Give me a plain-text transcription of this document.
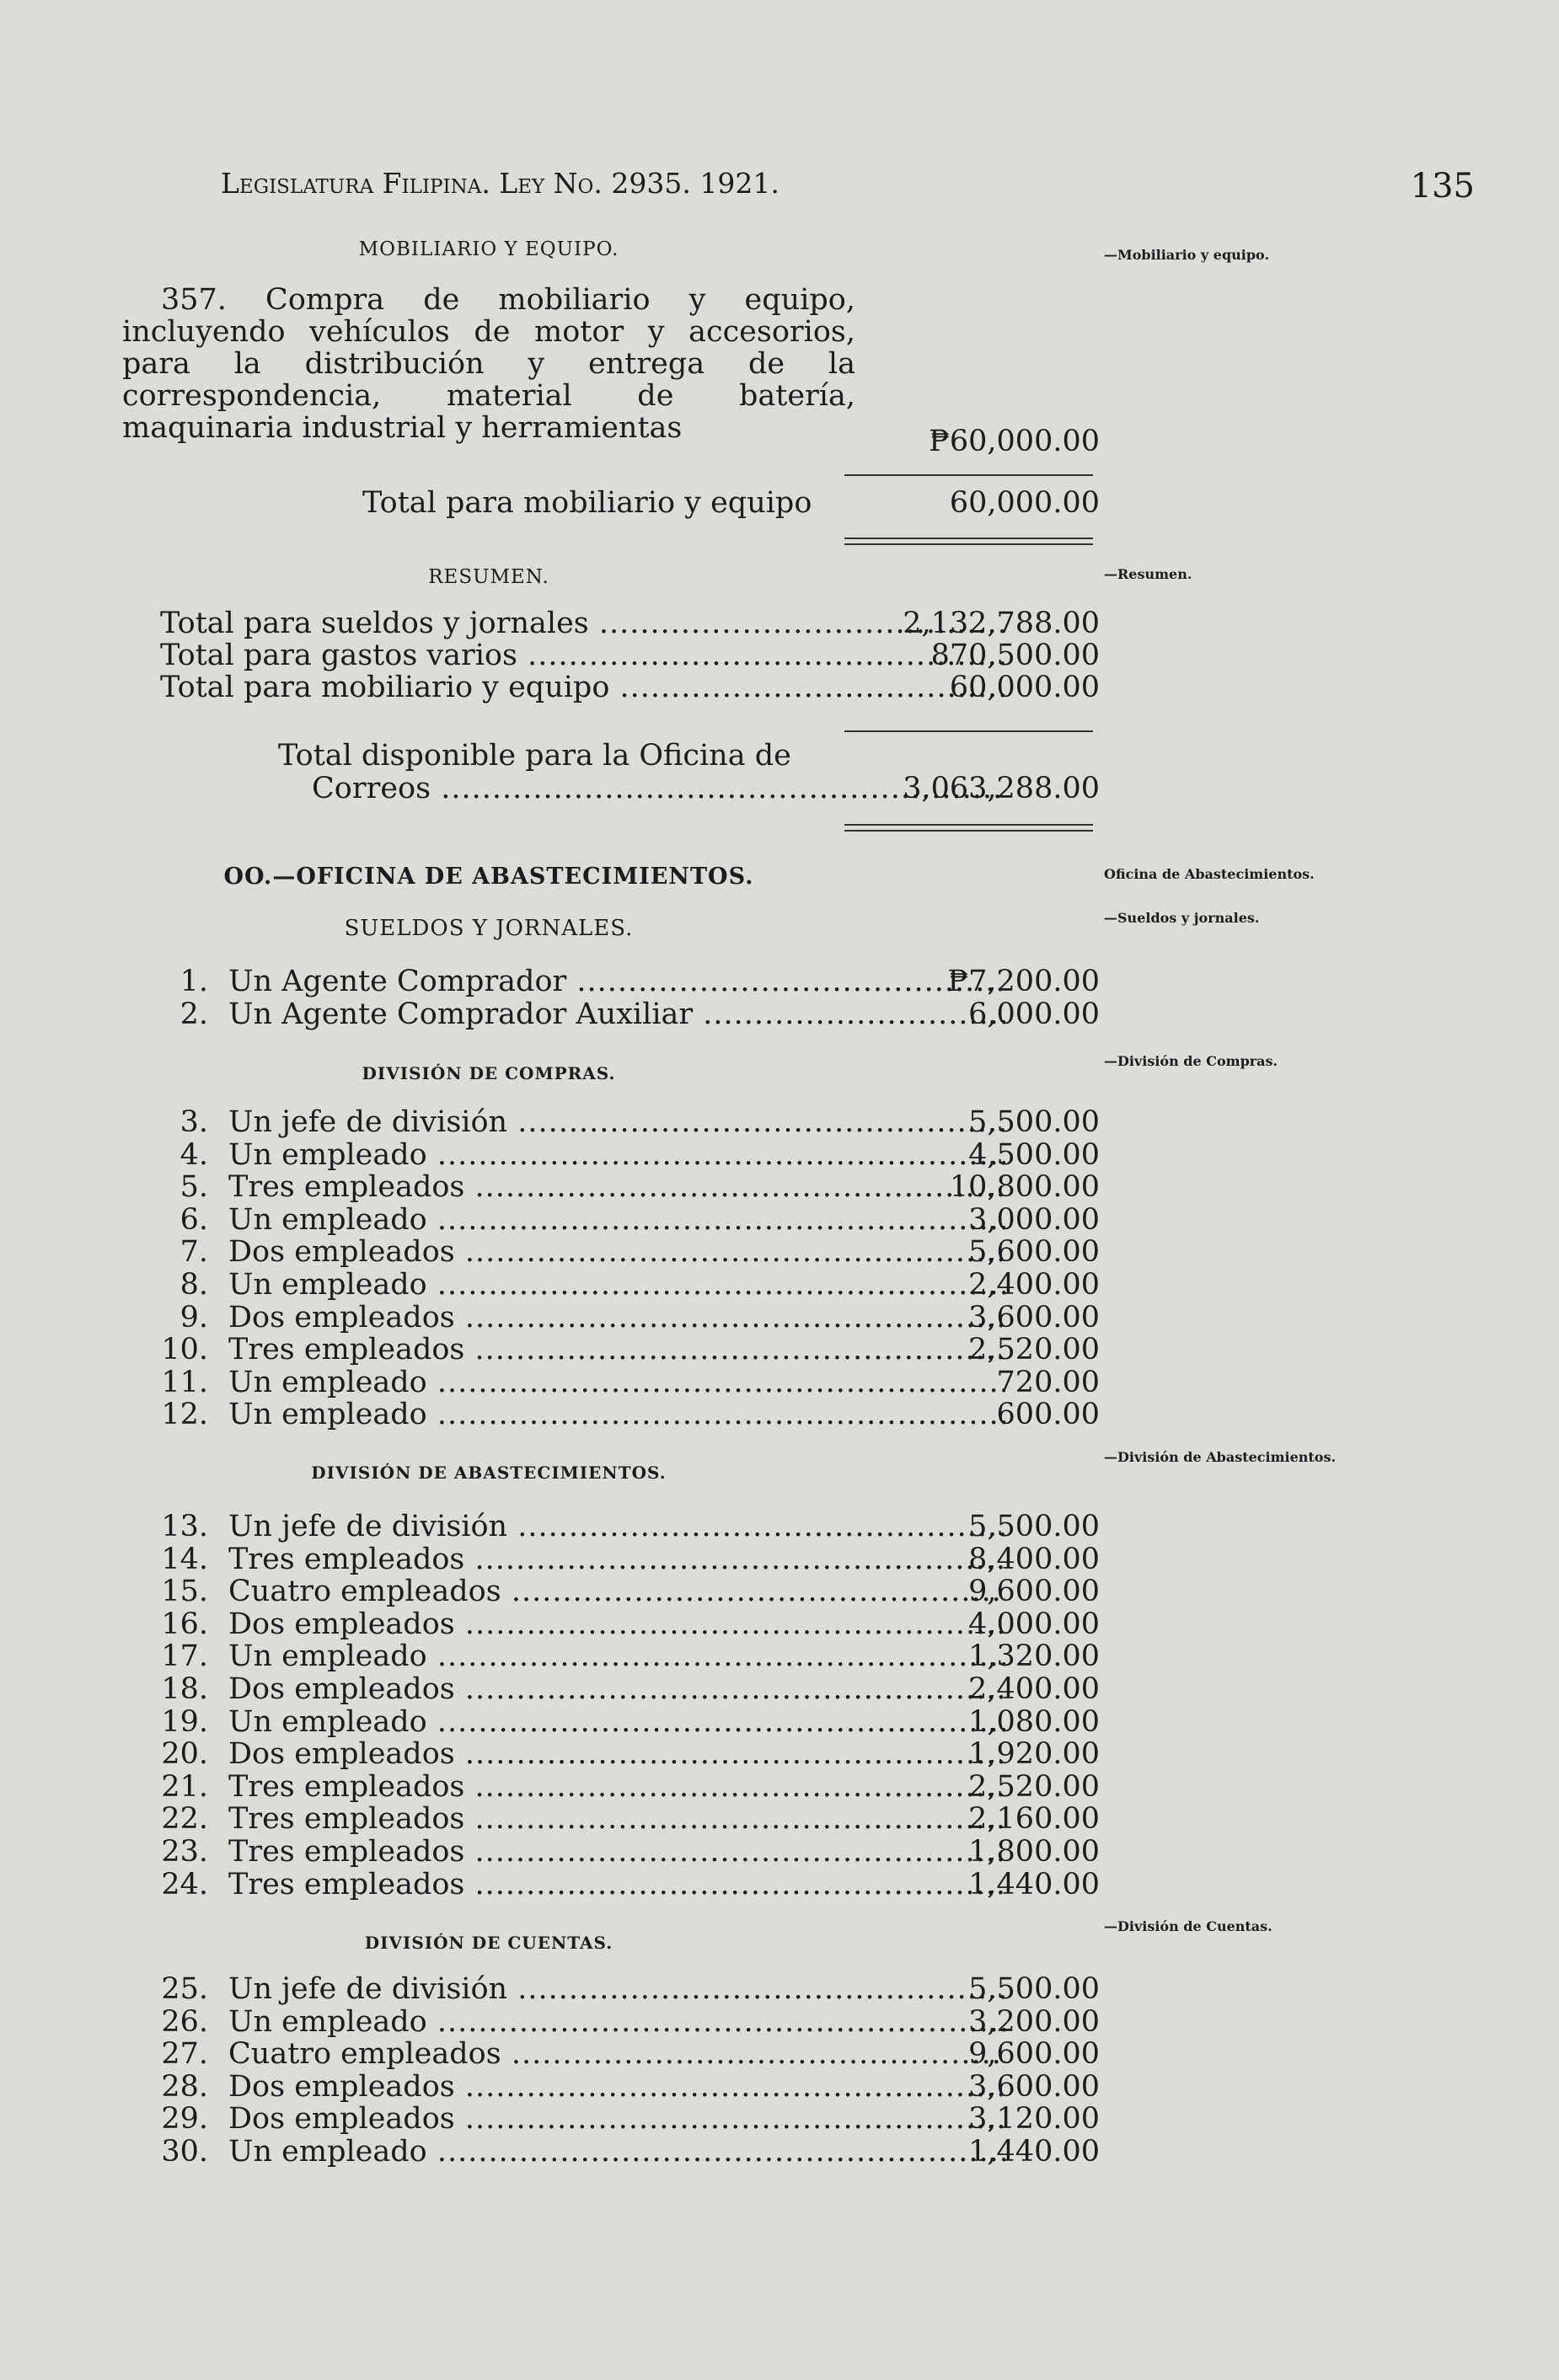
Legislatura Filipina. Ley No. 2935. 1921.	135
MOBILIARIO Y EQUIPO.	—Mobiliario y equipo.

357. Compra de mobiliario y equipo, incluyendo vehículos de motor y accesorios, para la distribución y entrega de la correspondencia, material de batería, maquinaria industrial y herramientas	₱60,000.00
Total para mobiliario y equipo	60,000.00
RESUMEN.	—Resumen.
Total para sueldos y jornales .....	2,132,788.00
Total para gastos varios .....	870,500.00
Total para mobiliario y equipo .....	60,000.00
Total disponible para la Oficina de
Correos .....	3,063,288.00
OO.—OFICINA DE ABASTECIMIENTOS.	Oficina de Abastecimientos.
SUELDOS Y JORNALES.	—Sueldos y jornales.
1. Un Agente Comprador .....	₱7,200.00
2. Un Agente Comprador Auxiliar .....	6,000.00
DIVISIÓN DE COMPRAS.
—División de Compras.
3. Un jefe de división .....	5,500.00
4. Un empleado .....	4,500.00
5. Tres empleados .....	10,800.00
6. Un empleado .....	3,000.00
7. Dos empleados .....	5,600.00
8. Un empleado .....	2,400.00
9. Dos empleados .....	3,600.00
10. Tres empleados .....	2,520.00
11. Un empleado .....	720.00
12. Un empleado .....	600.00
DIVISIÓN DE ABASTECIMIENTOS.
—División de Abastecimientos.
13. Un jefe de división .....	5,500.00
14. Tres empleados .....	8,400.00
15. Cuatro empleados .....	9,600.00
16. Dos empleados .....	4,000.00
17. Un empleado .....	1,320.00
18. Dos empleados .....	2,400.00
19. Un empleado .....	1,080.00
20. Dos empleados .....	1,920.00
21. Tres empleados .....	2,520.00
22. Tres empleados .....	2,160.00
23. Tres empleados .....	1,800.00
24. Tres empleados .....	1,440.00
DIVISIÓN DE CUENTAS.
—División de Cuentas.
25. Un jefe de división .....	5,500.00
26. Un empleado .....	3,200.00
27. Cuatro empleados .....	9,600.00
28. Dos empleados .....	3,600.00
29. Dos empleados .....	3,120.00
30. Un empleado .....	1,440.00
